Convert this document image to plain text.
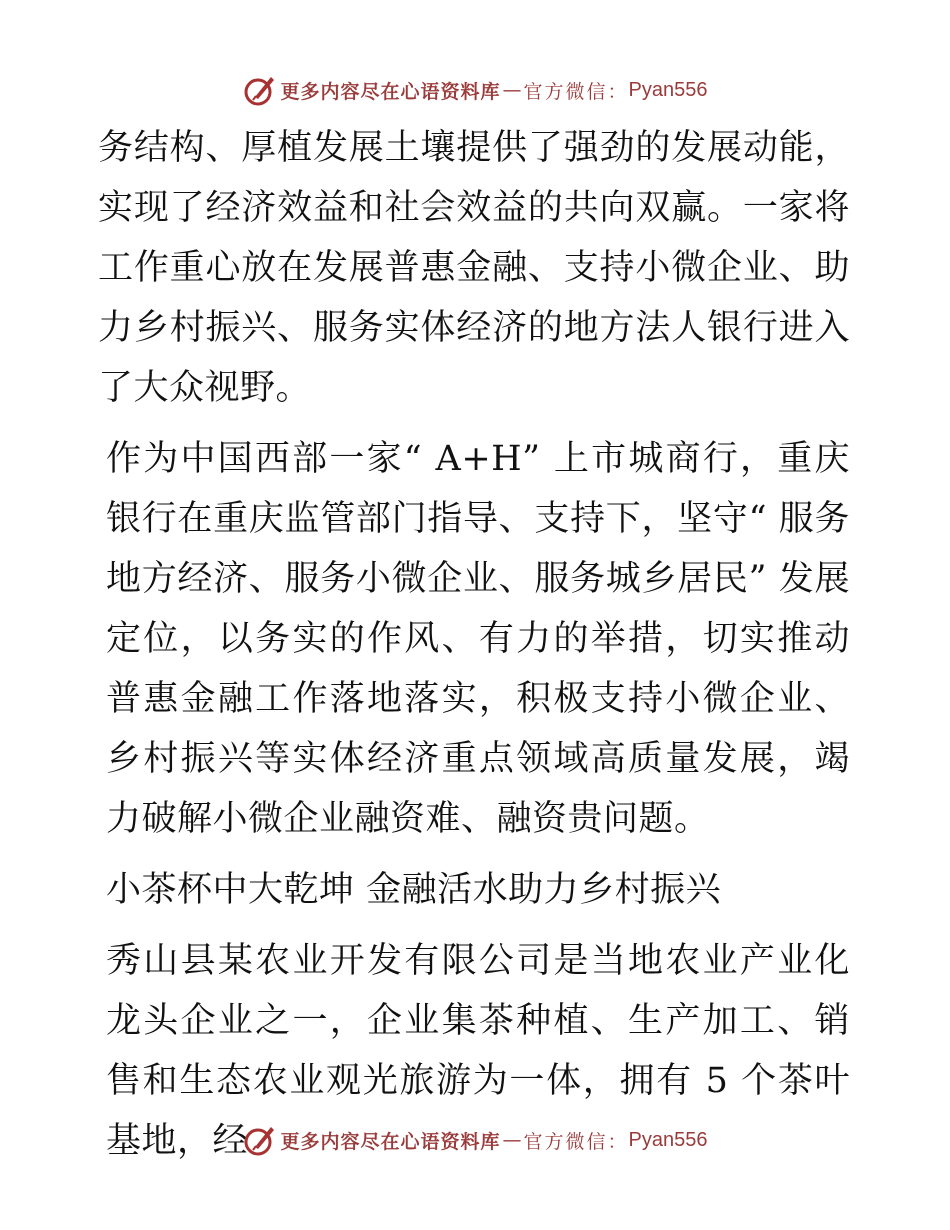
更多内容尽在心语资料库 — 官方微信： Pyan556

务结构、厚植发展土壤提供了强劲的发展动能，实现了经济效益和社会效益的共向双赢。一家将工作重心放在发展普惠金融、支持小微企业、助力乡村振兴、服务实体经济的地方法人银行进入了大众视野。

作为中国西部一家“ A+H” 上市城商行，重庆银行在重庆监管部门指导、支持下，坚守“ 服务地方经济、服务小微企业、服务城乡居民” 发展定位，以务实的作风、有力的举措，切实推动普惠金融工作落地落实，积极支持小微企业、乡村振兴等实体经济重点领域高质量发展，竭力破解小微企业融资难、融资贵问题。

小茶杯中大乾坤 金融活水助力乡村振兴

秀山县某农业开发有限公司是当地农业产业化龙头企业之一，企业集茶种植、生产加工、销售和生态农业观光旅游为一体，拥有 5 个茶叶基地，经	更多内容尽在心语资料库 — 官方微信： Pyan556
